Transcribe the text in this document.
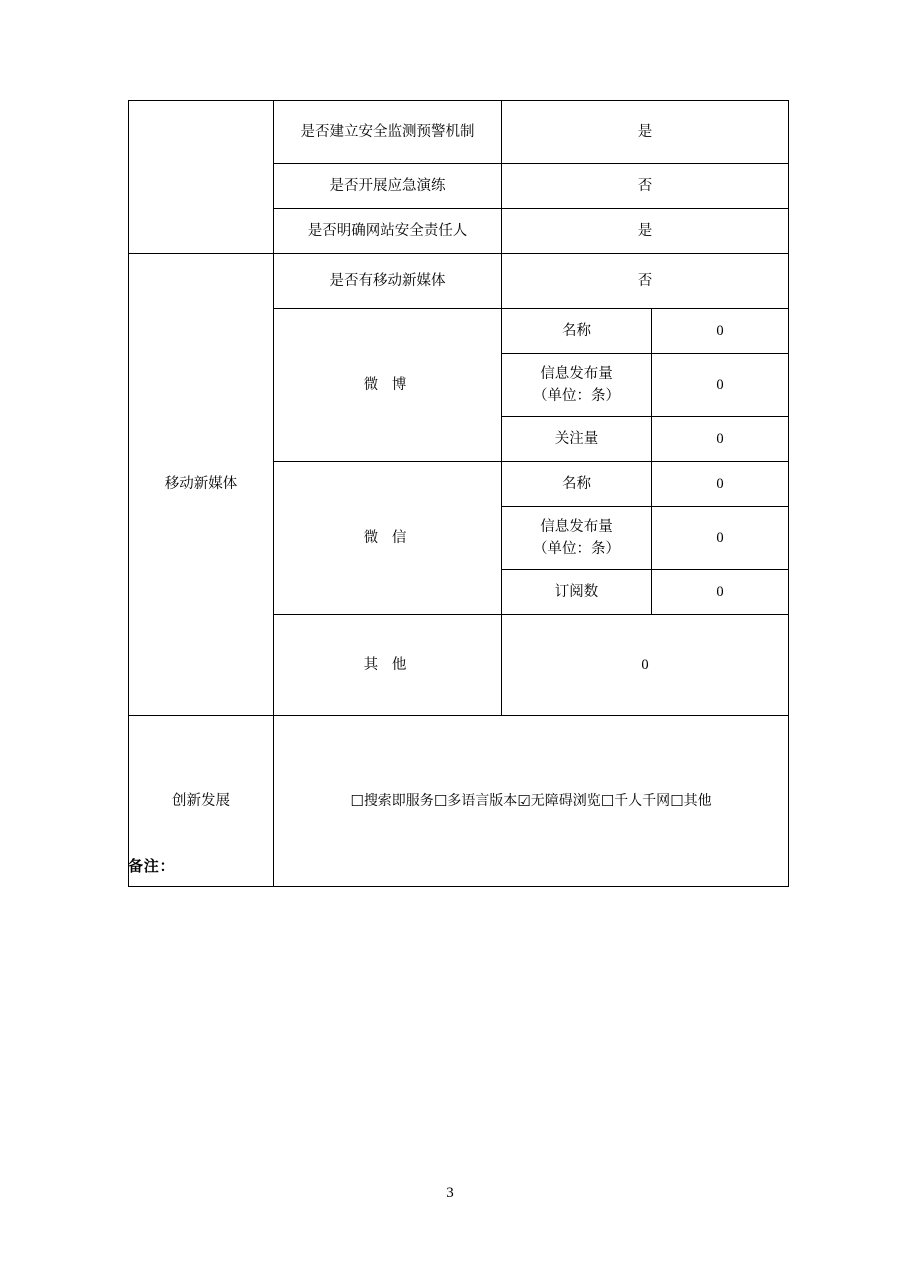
	是否建立安全监测预警机制	是	
	是否开展应急演练	否	
	是否明确网站安全责任人	是	
移动新媒体	是否有移动新媒体	否	
	微 博	名称	0

		信息发布量
（单位：条）	0
		关注量	0
	微 信	名称	0

		信息发布量
（单位：条）	0
		订阅数	0
	其 他	0	
创新发展	☐搜索即服务☐多语言版本☑无障碍浏览☐千人千网☐其他		
备注：
3
